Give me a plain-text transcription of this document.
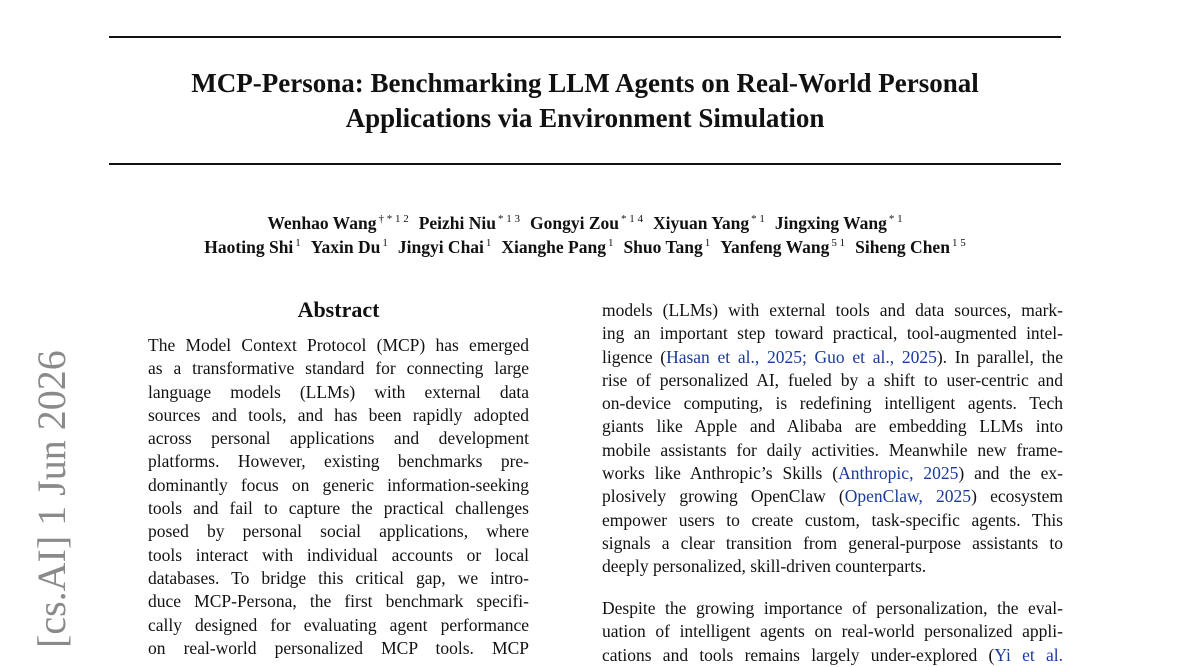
MCP-Persona: Benchmarking LLM Agents on Real-World Personal
Applications via Environment Simulation
Wenhao Wang $^{\dagger * 1 2}$ Peizhi Niu $^{* 1 3}$ Gongyi Zou $^{* 1 4}$ Xiyuan Yang $^{* 1}$ Jingxing Wang $^{* 1}$
Haoting Shi $^1$ Yaxin Du $^1$ Jingyi Chai $^1$ Xianghe Pang $^1$ Shuo Tang $^1$ Yanfeng Wang $^{5 1}$ Siheng Chen $^{1 5}$
[cs.AI] 1 Jun 2026
Abstract
The Model Context Protocol (MCP) has emerged
as a transformative standard for connecting large
language models (LLMs) with external data
sources and tools, and has been rapidly adopted
across personal applications and development
platforms. However, existing benchmarks pre-
dominantly focus on generic information-seeking
tools and fail to capture the practical challenges
posed by personal social applications, where
tools interact with individual accounts or local
databases. To bridge this critical gap, we intro-
duce MCP-Persona, the first benchmark specifi-
cally designed for evaluating agent performance
on real-world personalized MCP tools. MCP
models (LLMs) with external tools and data sources, mark-
ing an important step toward practical, tool-augmented intel-
ligence (Hasan et al., 2025; Guo et al., 2025). In parallel, the
rise of personalized AI, fueled by a shift to user-centric and
on-device computing, is redefining intelligent agents. Tech
giants like Apple and Alibaba are embedding LLMs into
mobile assistants for daily activities. Meanwhile new frame-
works like Anthropic’s Skills (Anthropic, 2025) and the ex-
plosively growing OpenClaw (OpenClaw, 2025) ecosystem
empower users to create custom, task-specific agents. This
signals a clear transition from general-purpose assistants to
deeply personalized, skill-driven counterparts.
Despite the growing importance of personalization, the eval-
uation of intelligent agents on real-world personalized appli-
cations and tools remains largely under-explored (Yi et al.
